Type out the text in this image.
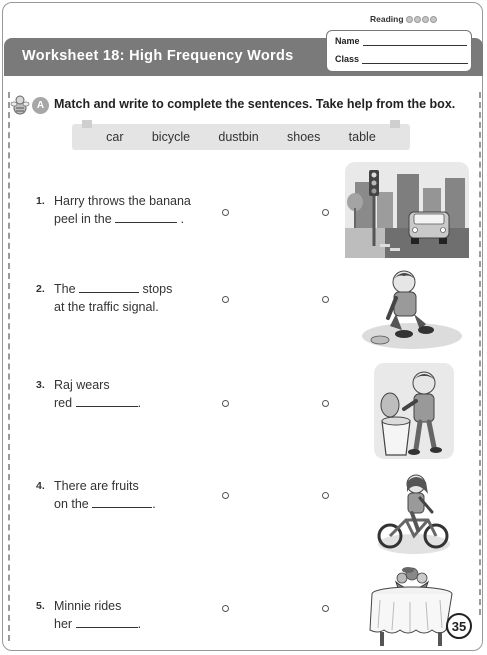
Reading
Worksheet 18: High Frequency Words
Name
Class
A Match and write to complete the sentences. Take help from the box.
car bicycle dustbin shoes table
1. Harry throws the banana
peel in the	.
2. The	stops
at the traffic signal.
3. Raj wears
red	.
4. There are fruits
on the	.
5. Minnie rides
her	.	35
